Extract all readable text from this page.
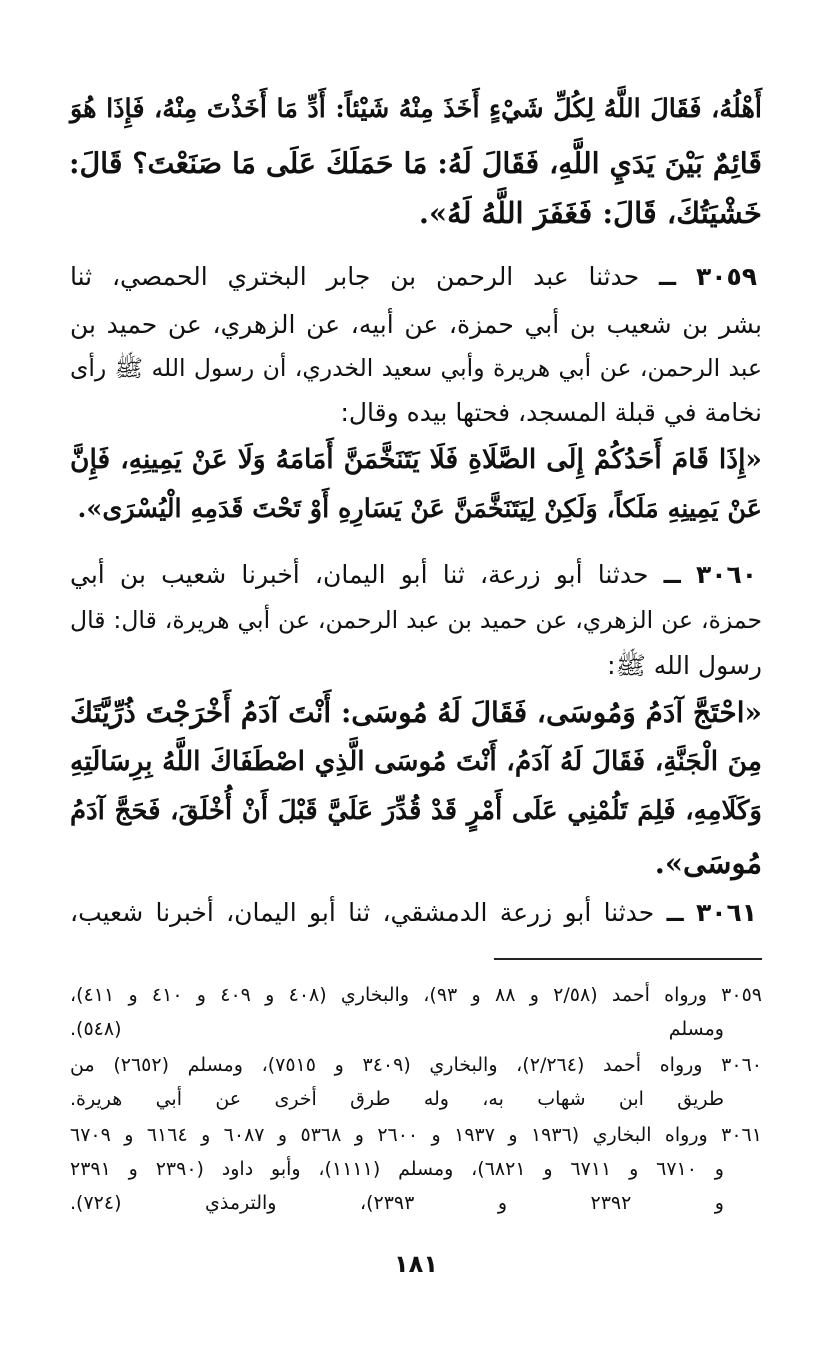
أَهْلُهُ، فَقَالَ اللَّهُ لِكُلِّ شَيْءٍ أَخَذَ مِنْهُ شَيْئاً: أَدِّ مَا أَخَذْتَ مِنْهُ، فَإِذَا هُوَ
قَائِمٌ بَيْنَ يَدَيِ اللَّهِ، فَقَالَ لَهُ: مَا حَمَلَكَ عَلَى مَا صَنَعْتَ؟ قَالَ:
خَشْيَتُكَ، قَالَ: فَغَفَرَ اللَّهُ لَهُ».
٣٠٥٩ ــ حدثنا عبد الرحمن بن جابر البختري الحمصي، ثنا
بشر بن شعيب بن أبي حمزة، عن أبيه، عن الزهري، عن حميد بن
عبد الرحمن، عن أبي هريرة وأبي سعيد الخدري، أن رسول الله ﷺ رأى
نخامة في قبلة المسجد، فحتها بيده وقال:
«إِذَا قَامَ أَحَدُكُمْ إِلَى الصَّلَاةِ فَلَا يَتَنَخَّمَنَّ أَمَامَهُ وَلَا عَنْ يَمِينِهِ، فَإِنَّ
عَنْ يَمِينِهِ مَلَكاً، وَلَكِنْ لِيَتَنَخَّمَنَّ عَنْ يَسَارِهِ أَوْ تَحْتَ قَدَمِهِ الْيُسْرَى».
٣٠٦٠ ــ حدثنا أبو زرعة، ثنا أبو اليمان، أخبرنا شعيب بن أبي
حمزة، عن الزهري، عن حميد بن عبد الرحمن، عن أبي هريرة، قال: قال
رسول الله ﷺ:
«احْتَجَّ آدَمُ وَمُوسَى، فَقَالَ لَهُ مُوسَى: أَنْتَ آدَمُ أَخْرَجْتَ ذُرِّيَّتَكَ
مِنَ الْجَنَّةِ، فَقَالَ لَهُ آدَمُ، أَنْتَ مُوسَى الَّذِي اصْطَفَاكَ اللَّهُ بِرِسَالَتِهِ
وَكَلَامِهِ، فَلِمَ تَلُمْنِي عَلَى أَمْرٍ قَدْ قُدِّرَ عَلَيَّ قَبْلَ أَنْ أُخْلَقَ، فَحَجَّ آدَمُ
مُوسَى».
٣٠٦١ ــ حدثنا أبو زرعة الدمشقي، ثنا أبو اليمان، أخبرنا شعيب،
٣٠٥٩ ورواه أحمد (٢/٥٨ و ٨٨ و ٩٣)، والبخاري (٤٠٨ و ٤٠٩ و ٤١٠ و ٤١١)،
ومسلم (٥٤٨).
٣٠٦٠ ورواه أحمد (٢/٢٦٤)، والبخاري (٣٤٠٩ و ٧٥١٥)، ومسلم (٢٦٥٢) من
طريق ابن شهاب به، وله طرق أخرى عن أبي هريرة.
٣٠٦١ ورواه البخاري (١٩٣٦ و ١٩٣٧ و ٢٦٠٠ و ٥٣٦٨ و ٦٠٨٧ و ٦١٦٤ و ٦٧٠٩
و ٦٧١٠ و ٦٧١١ و ٦٨٢١)، ومسلم (١١١١)، وأبو داود (٢٣٩٠ و ٢٣٩١
و ٢٣٩٢ و ٢٣٩٣)، والترمذي (٧٢٤).
١٨١
